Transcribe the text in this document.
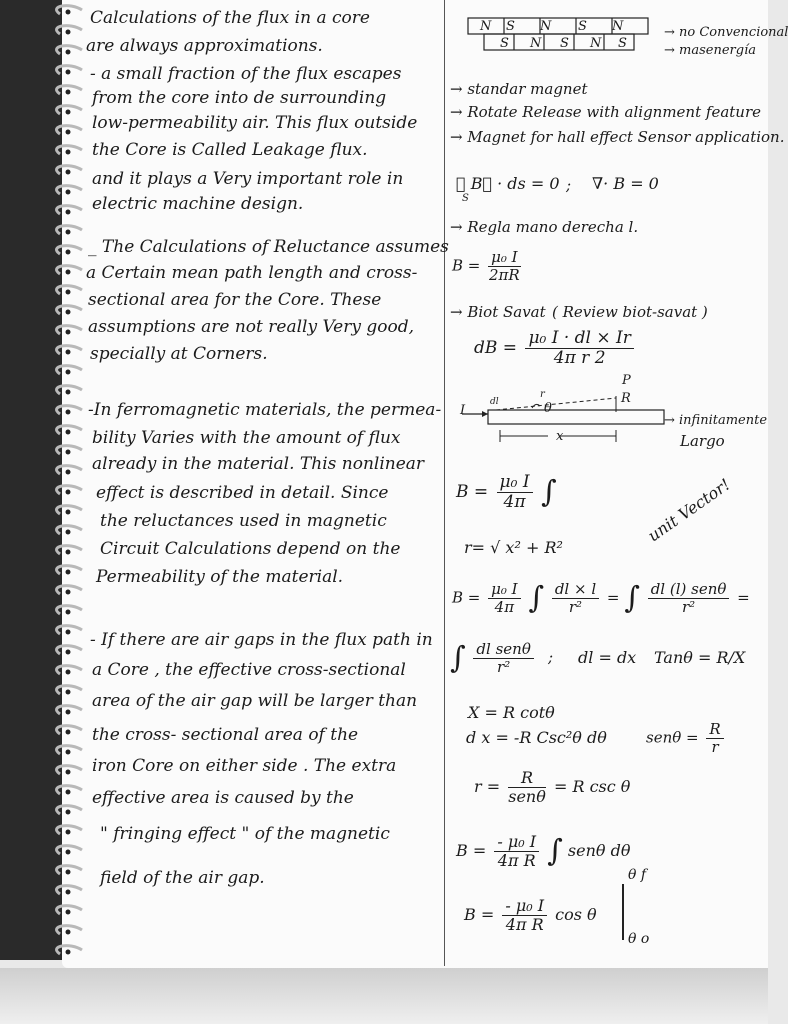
Calculations of the flux in a core
are always approximations.
- a small fraction of the flux escapes
from the core into de surrounding
low-permeability air. This flux outside
the Core is Called Leakage flux.
and it plays a Very important role in
electric machine design.
_ The Calculations of Reluctance assumes
a Certain mean path length and cross-
sectional area for the Core. These
assumptions are not really Very good,
specially at Corners.
-In ferromagnetic materials, the permea-
bility Varies with the amount of flux
already in the material. This nonlinear
effect is described in detail. Since
the reluctances used in magnetic
Circuit Calculations depend on the
Permeability of the material.
- If there are air gaps in the flux path in
a Core , the effective cross-sectional
area of the air gap will be larger than
the cross- sectional area of the
iron Core on either side . The extra
effective area is caused by the
" fringing effect " of the magnetic
field of the air gap.
N S N S N
S N S N S
→ no Convencional
→ masenergía
→ standar magnet
→ Rotate Release with alignment feature
→ Magnet for hall effect Sensor application.
∮ B⃗ · ds = 0 ; ∇· B = 0
S
→ Regla mano derecha l.
$B = \frac{\text{μ₀ I}}{2\pi R}$
→ Biot Savat ( Review biot-savat )
dB = $\frac{\text{μ₀ I · dl × Ir}}{\text{4π r 2}}$
I
dl
r
θ
P
R
x
→ infinitamente
Largo
$B = \frac{\text{μ₀ I}}{4\pi}$ ∫
r= √ x² + R²
unit Vector!
$B = \frac{\text{μ₀ I}}{4\pi}$ ∫ $\frac{dl \times l}{\text{r²}}$ = ∫ $\frac{\text{dl (l) senθ}}{\text{r²}}$ =
∫ $\frac{\text{dl senθ}}{\text{r²}}$ ; dl = dx Tanθ = R/X
X = R cotθ
d x = -R Csc²θ dθ	$sen\theta = \frac{R}{r}$
$r = \frac{R}{\text{senθ}} = R$ csc θ
$B = \frac{\text{- μ₀ I}}{\text{4π R}}$ ∫ senθ dθ
$B = \frac{\text{- μ₀ I}}{\text{4π R}}$ cos θ
θ f
θ o
